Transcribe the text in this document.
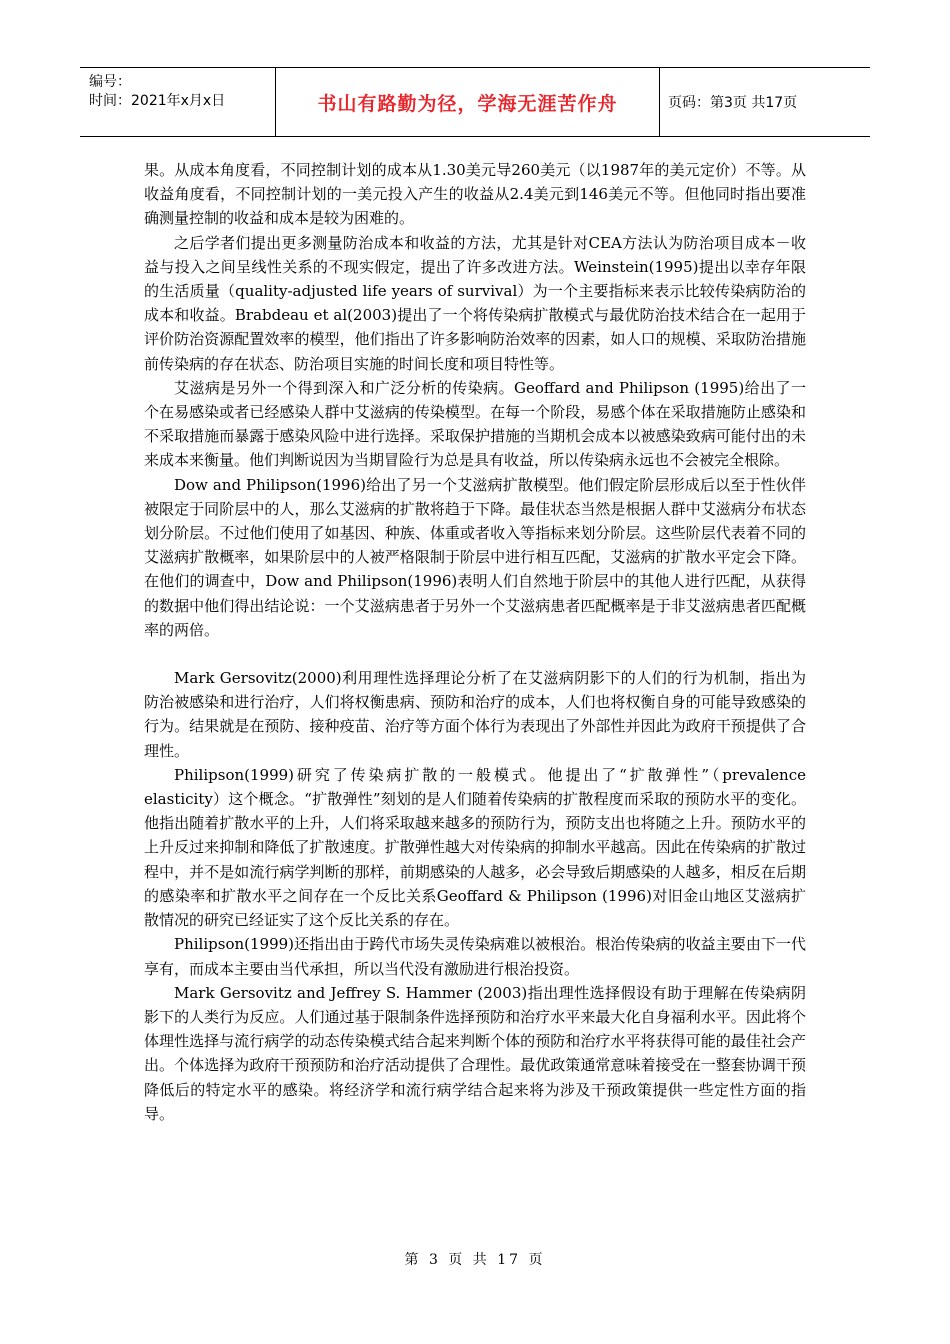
编号：
时间：2021年x月x日	书山有路勤为径，学海无涯苦作舟	页码：第3页 共17页

果。从成本角度看，不同控制计划的成本从1.30美元导260美元（以1987年的美元定价）不等。从收益角度看，不同控制计划的一美元投入产生的收益从2.4美元到146美元不等。但他同时指出要准确测量控制的收益和成本是较为困难的。

之后学者们提出更多测量防治成本和收益的方法，尤其是针对CEA方法认为防治项目成本－收益与投入之间呈线性关系的不现实假定，提出了许多改进方法。Weinstein(1995)提出以幸存年限的生活质量（quality-adjusted life years of survival）为一个主要指标来表示比较传染病防治的成本和收益。Brabdeau et al(2003)提出了一个将传染病扩散模式与最优防治技术结合在一起用于评价防治资源配置效率的模型，他们指出了许多影响防治效率的因素，如人口的规模、采取防治措施前传染病的存在状态、防治项目实施的时间长度和项目特性等。

艾滋病是另外一个得到深入和广泛分析的传染病。Geoffard and Philipson (1995)给出了一个在易感染或者已经感染人群中艾滋病的传染模型。在每一个阶段，易感个体在采取措施防止感染和不采取措施而暴露于感染风险中进行选择。采取保护措施的当期机会成本以被感染致病可能付出的未来成本来衡量。他们判断说因为当期冒险行为总是具有收益，所以传染病永远也不会被完全根除。

Dow and Philipson(1996)给出了另一个艾滋病扩散模型。他们假定阶层形成后以至于性伙伴被限定于同阶层中的人，那么艾滋病的扩散将趋于下降。最佳状态当然是根据人群中艾滋病分布状态划分阶层。不过他们使用了如基因、种族、体重或者收入等指标来划分阶层。这些阶层代表着不同的艾滋病扩散概率，如果阶层中的人被严格限制于阶层中进行相互匹配，艾滋病的扩散水平定会下降。在他们的调查中，Dow and Philipson(1996)表明人们自然地于阶层中的其他人进行匹配，从获得的数据中他们得出结论说：一个艾滋病患者于另外一个艾滋病患者匹配概率是于非艾滋病患者匹配概率的两倍。

Mark Gersovitz(2000)利用理性选择理论分析了在艾滋病阴影下的人们的行为机制，指出为防治被感染和进行治疗，人们将权衡患病、预防和治疗的成本，人们也将权衡自身的可能导致感染的行为。结果就是在预防、接种疫苗、治疗等方面个体行为表现出了外部性并因此为政府干预提供了合理性。

Philipson(1999)研究了传染病扩散的一般模式。他提出了“扩散弹性”（prevalence elasticity）这个概念。“扩散弹性”刻划的是人们随着传染病的扩散程度而采取的预防水平的变化。他指出随着扩散水平的上升，人们将采取越来越多的预防行为，预防支出也将随之上升。预防水平的上升反过来抑制和降低了扩散速度。扩散弹性越大对传染病的抑制水平越高。因此在传染病的扩散过程中，并不是如流行病学判断的那样，前期感染的人越多，必会导致后期感染的人越多，相反在后期的感染率和扩散水平之间存在一个反比关系Geoffard & Philipson (1996)对旧金山地区艾滋病扩散情况的研究已经证实了这个反比关系的存在。

Philipson(1999)还指出由于跨代市场失灵传染病难以被根治。根治传染病的收益主要由下一代享有，而成本主要由当代承担，所以当代没有激励进行根治投资。

Mark Gersovitz and Jeffrey S. Hammer (2003)指出理性选择假设有助于理解在传染病阴影下的人类行为反应。人们通过基于限制条件选择预防和治疗水平来最大化自身福利水平。因此将个体理性选择与流行病学的动态传染模式结合起来判断个体的预防和治疗水平将获得可能的最佳社会产出。个体选择为政府干预预防和治疗活动提供了合理性。最优政策通常意味着接受在一整套协调干预降低后的特定水平的感染。将经济学和流行病学结合起来将为涉及干预政策提供一些定性方面的指导。

第 3 页 共 17 页
